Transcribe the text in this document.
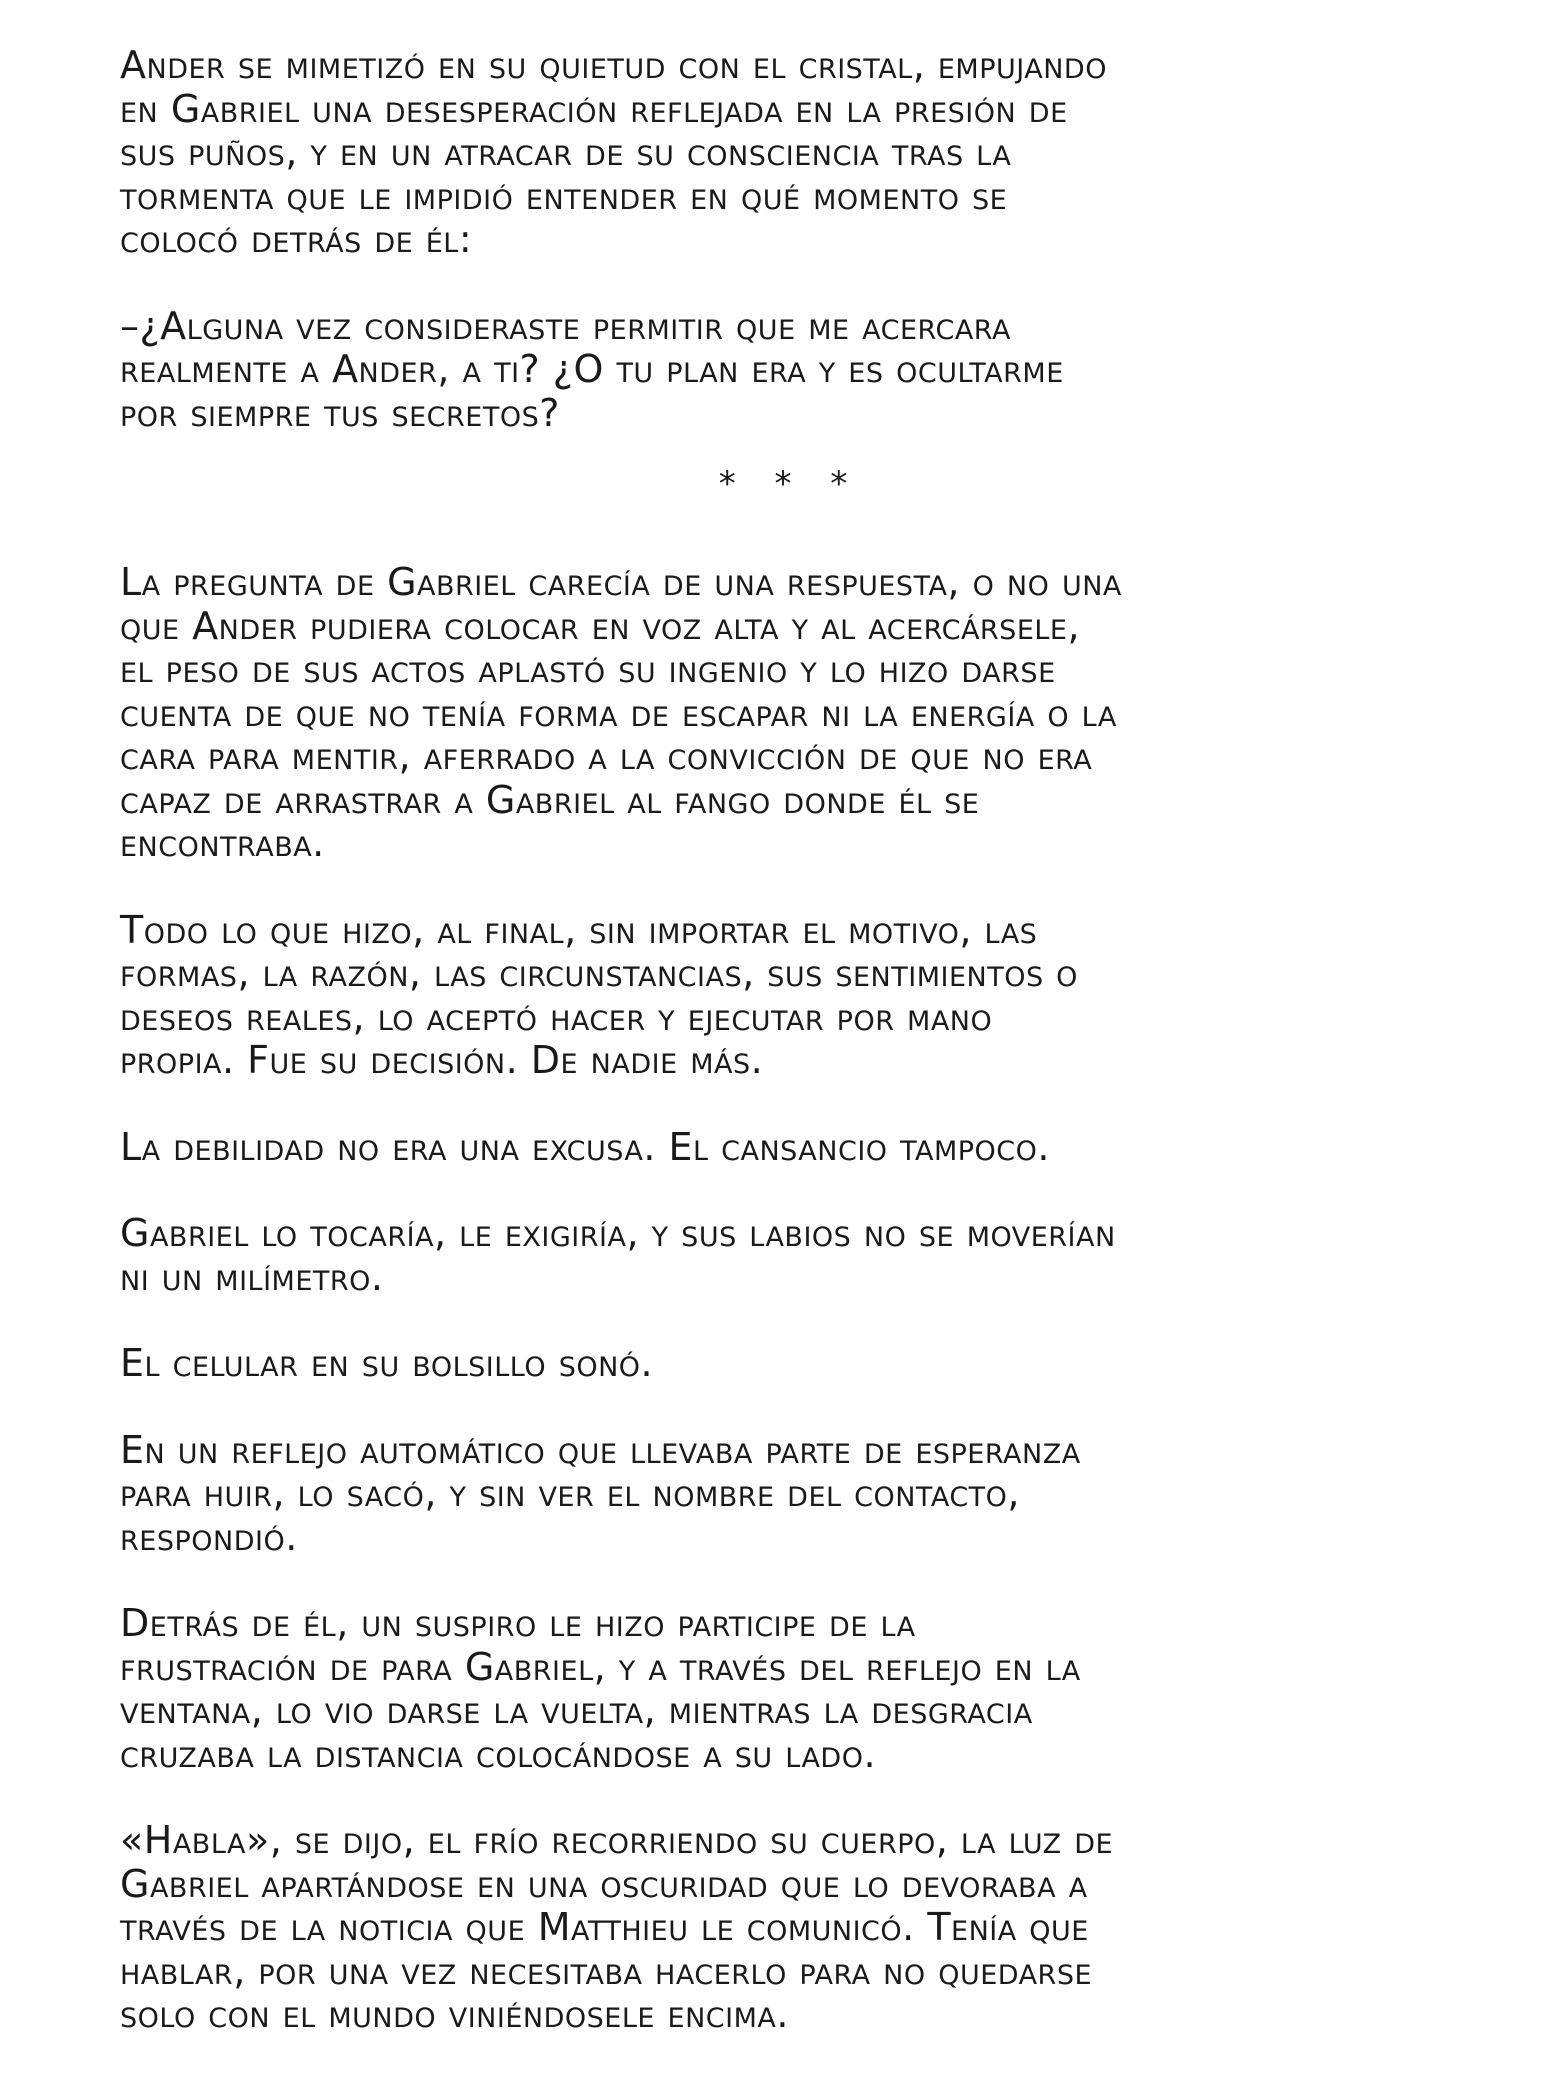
Ander se mimetizó en su quietud con el cristal, empujando
en Gabriel una desesperación reflejada en la presión de
sus puños, y en un atracar de su consciencia tras la
tormenta que le impidió entender en qué momento se
colocó detrás de él:

–¿Alguna vez consideraste permitir que me acercara
realmente a Ander, a ti? ¿O tu plan era y es ocultarme
por siempre tus secretos?

* * *

La pregunta de Gabriel carecía de una respuesta, o no una
que Ander pudiera colocar en voz alta y al acercársele,
el peso de sus actos aplastó su ingenio y lo hizo darse
cuenta de que no tenía forma de escapar ni la energía o la
cara para mentir, aferrado a la convicción de que no era
capaz de arrastrar a Gabriel al fango donde él se
encontraba.

Todo lo que hizo, al final, sin importar el motivo, las
formas, la razón, las circunstancias, sus sentimientos o
deseos reales, lo aceptó hacer y ejecutar por mano
propia. Fue su decisión. De nadie más.

La debilidad no era una excusa. El cansancio tampoco.

Gabriel lo tocaría, le exigiría, y sus labios no se moverían
ni un milímetro.

El celular en su bolsillo sonó.

En un reflejo automático que llevaba parte de esperanza
para huir, lo sacó, y sin ver el nombre del contacto,
respondió.

Detrás de él, un suspiro le hizo participe de la
frustración de para Gabriel, y a través del reflejo en la
ventana, lo vio darse la vuelta, mientras la desgracia
cruzaba la distancia colocándose a su lado.

«Habla», se dijo, el frío recorriendo su cuerpo, la luz de
Gabriel apartándose en una oscuridad que lo devoraba a
través de la noticia que Matthieu le comunicó. Tenía que
hablar, por una vez necesitaba hacerlo para no quedarse
solo con el mundo viniéndosele encima.
